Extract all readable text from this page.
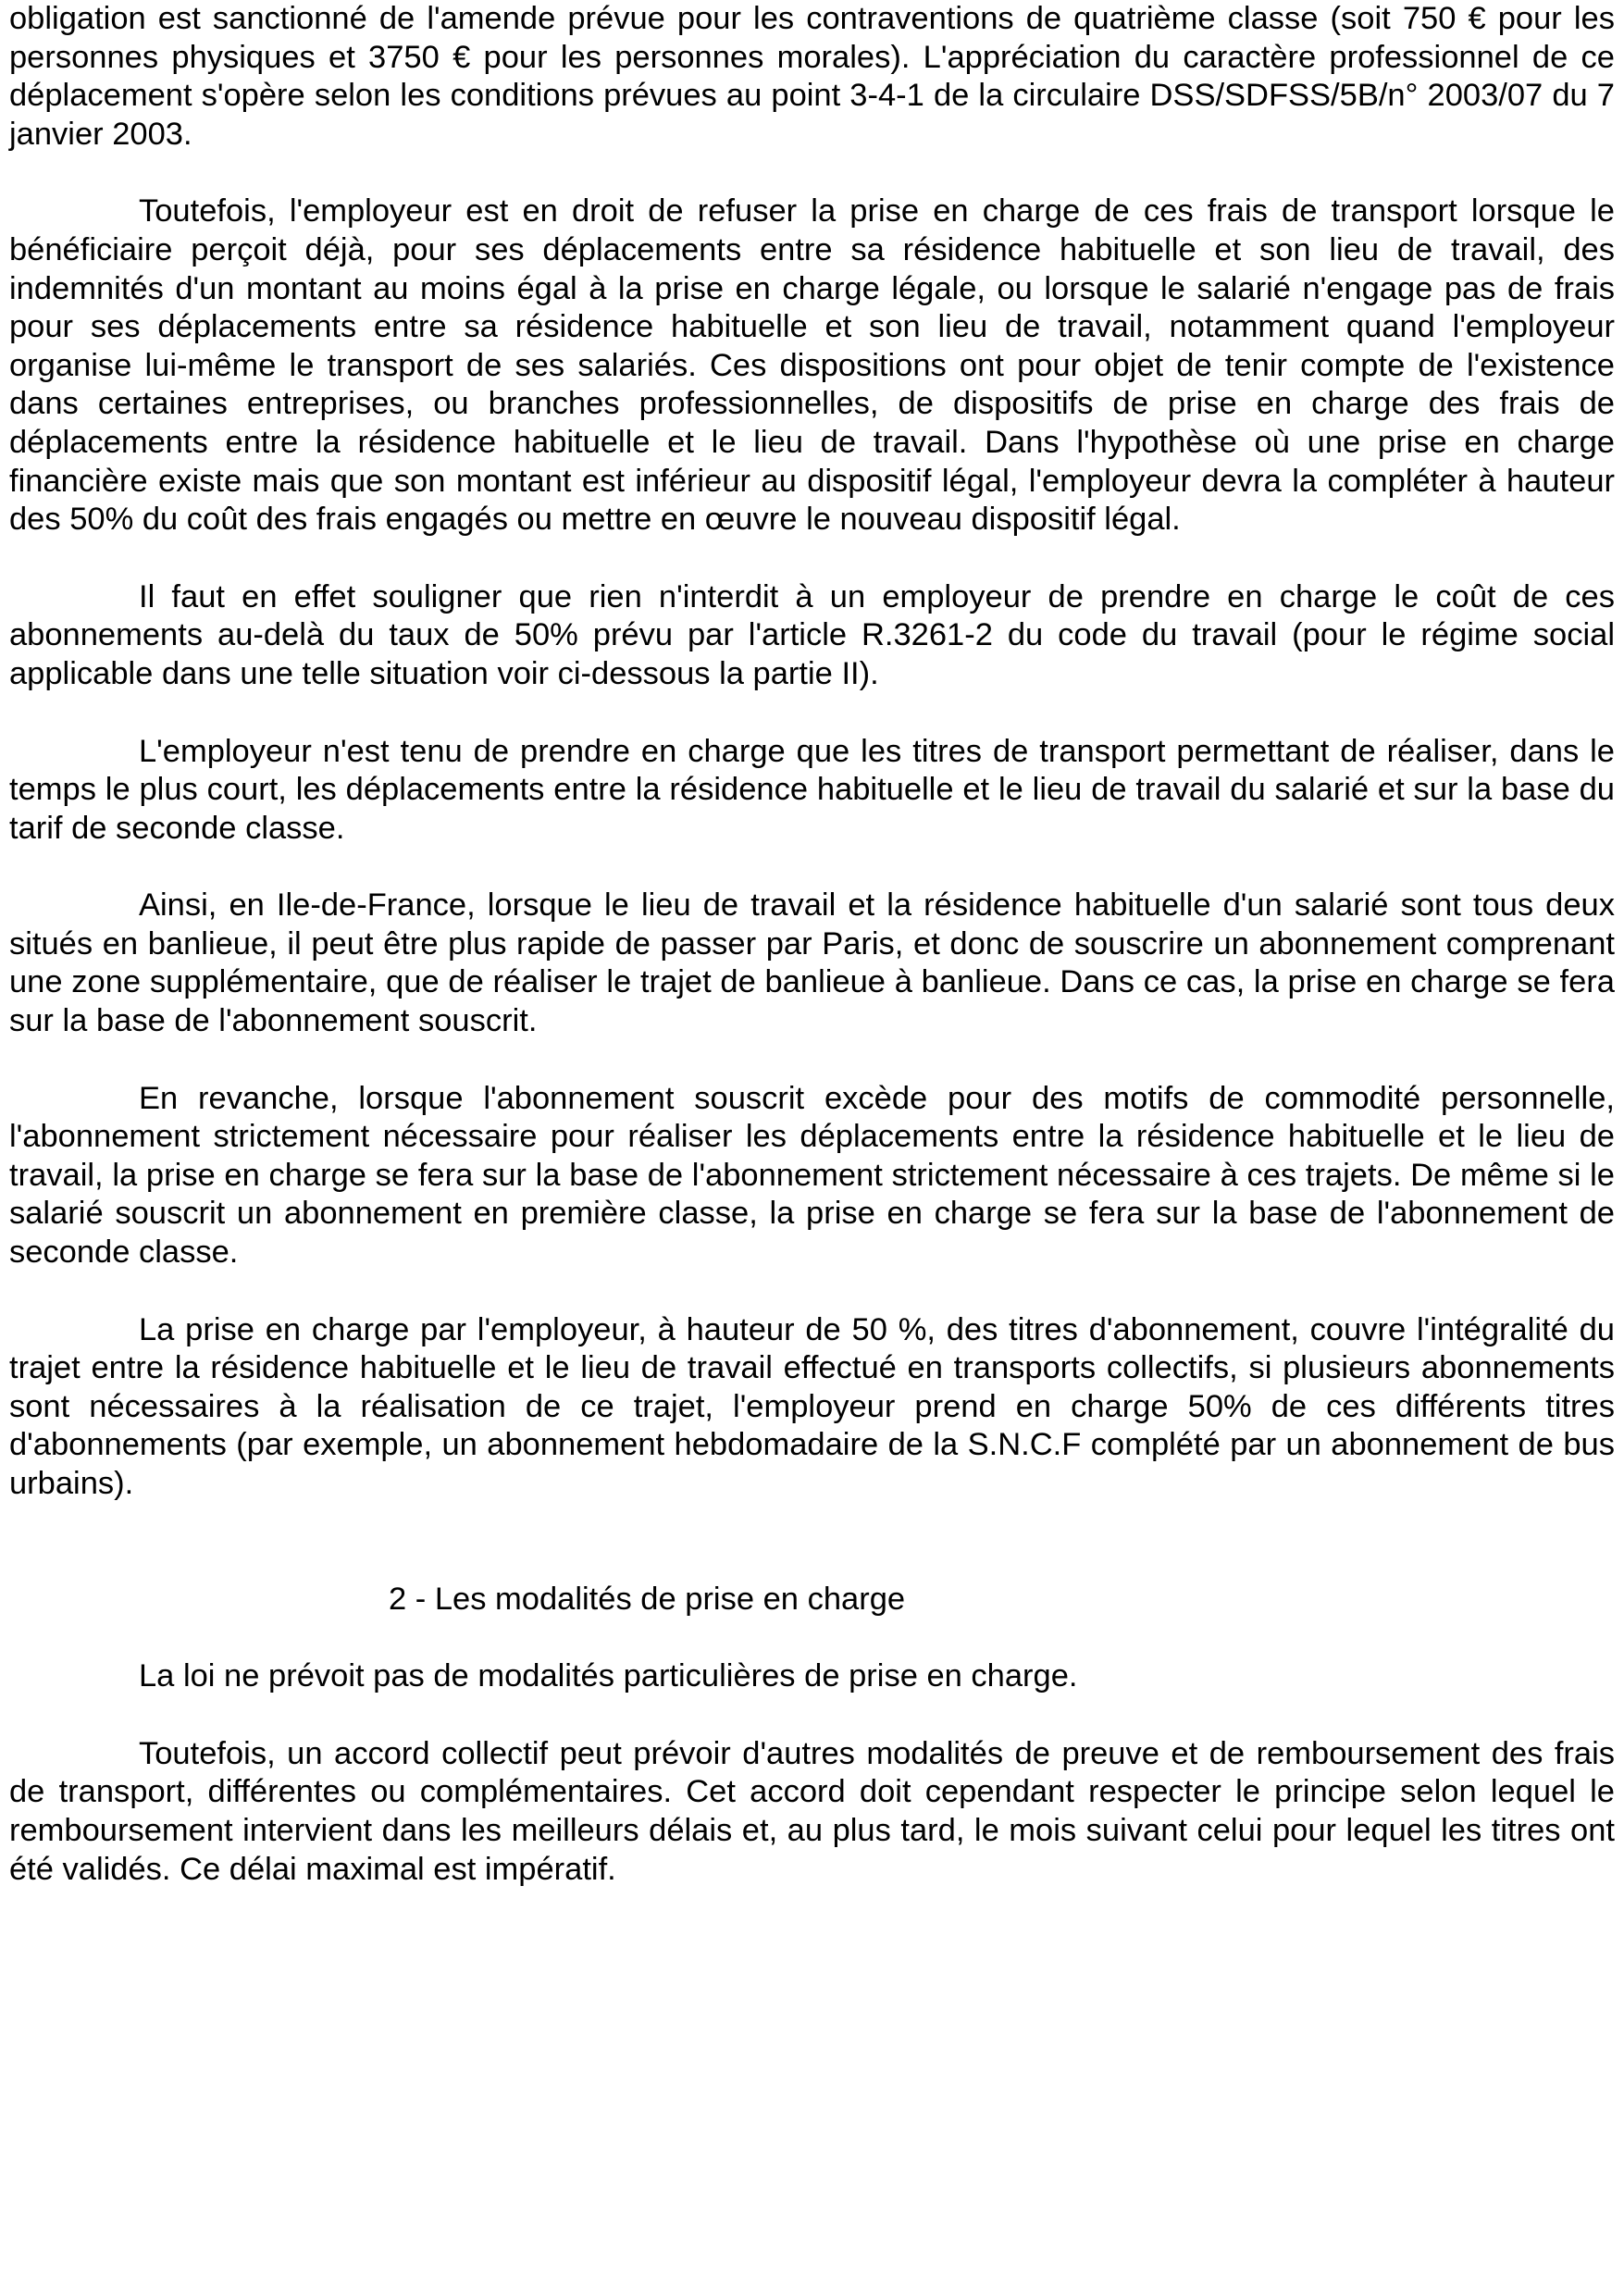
obligation est sanctionné de l'amende prévue pour les contraventions de quatrième classe (soit 750 € pour les personnes physiques et 3750 € pour les personnes morales). L'appréciation du caractère professionnel de ce déplacement s'opère selon les conditions prévues au point 3-4-1 de la circulaire DSS/SDFSS/5B/n° 2003/07 du 7 janvier 2003.

Toutefois, l'employeur est en droit de refuser la prise en charge de ces frais de transport lorsque le bénéficiaire perçoit déjà, pour ses déplacements entre sa résidence habituelle et son lieu de travail, des indemnités d'un montant au moins égal à la prise en charge légale, ou lorsque le salarié n'engage pas de frais pour ses déplacements entre sa résidence habituelle et son lieu de travail, notamment quand l'employeur organise lui-même le transport de ses salariés. Ces dispositions ont pour objet de tenir compte de l'existence dans certaines entreprises, ou branches professionnelles, de dispositifs de prise en charge des frais de déplacements entre la résidence habituelle et le lieu de travail. Dans l'hypothèse où une prise en charge financière existe mais que son montant est inférieur au dispositif légal, l'employeur devra la compléter à hauteur des 50% du coût des frais engagés ou mettre en œuvre le nouveau dispositif légal.

Il faut en effet souligner que rien n'interdit à un employeur de prendre en charge le coût de ces abonnements au-delà du taux de 50% prévu par l'article R.3261-2 du code du travail (pour le régime social applicable dans une telle situation voir ci-dessous la partie II).

L'employeur n'est tenu de prendre en charge que les titres de transport permettant de réaliser, dans le temps le plus court, les déplacements entre la résidence habituelle et le lieu de travail du salarié et sur la base du tarif de seconde classe.

Ainsi, en Ile-de-France, lorsque le lieu de travail et la résidence habituelle d'un salarié sont tous deux situés en banlieue, il peut être plus rapide de passer par Paris, et donc de souscrire un abonnement comprenant une zone supplémentaire, que de réaliser le trajet de banlieue à banlieue. Dans ce cas, la prise en charge se fera sur la base de l'abonnement souscrit.

En revanche, lorsque l'abonnement souscrit excède pour des motifs de commodité personnelle, l'abonnement strictement nécessaire pour réaliser les déplacements entre la résidence habituelle et le lieu de travail, la prise en charge se fera sur la base de l'abonnement strictement nécessaire à ces trajets. De même si le salarié souscrit un abonnement en première classe, la prise en charge se fera sur la base de l'abonnement de seconde classe.

La prise en charge par l'employeur, à hauteur de 50 %, des titres d'abonnement, couvre l'intégralité du trajet entre la résidence habituelle et le lieu de travail effectué en transports collectifs, si plusieurs abonnements sont nécessaires à la réalisation de ce trajet, l'employeur prend en charge 50% de ces différents titres d'abonnements (par exemple, un abonnement hebdomadaire de la S.N.C.F complété par un abonnement de bus urbains).

2 - Les modalités de prise en charge

La loi ne prévoit pas de modalités particulières de prise en charge.

Toutefois, un accord collectif peut prévoir d'autres modalités de preuve et de remboursement des frais de transport, différentes ou complémentaires. Cet accord doit cependant respecter le principe selon lequel le remboursement intervient dans les meilleurs délais et, au plus tard, le mois suivant celui pour lequel les titres ont été validés. Ce délai maximal est impératif.
